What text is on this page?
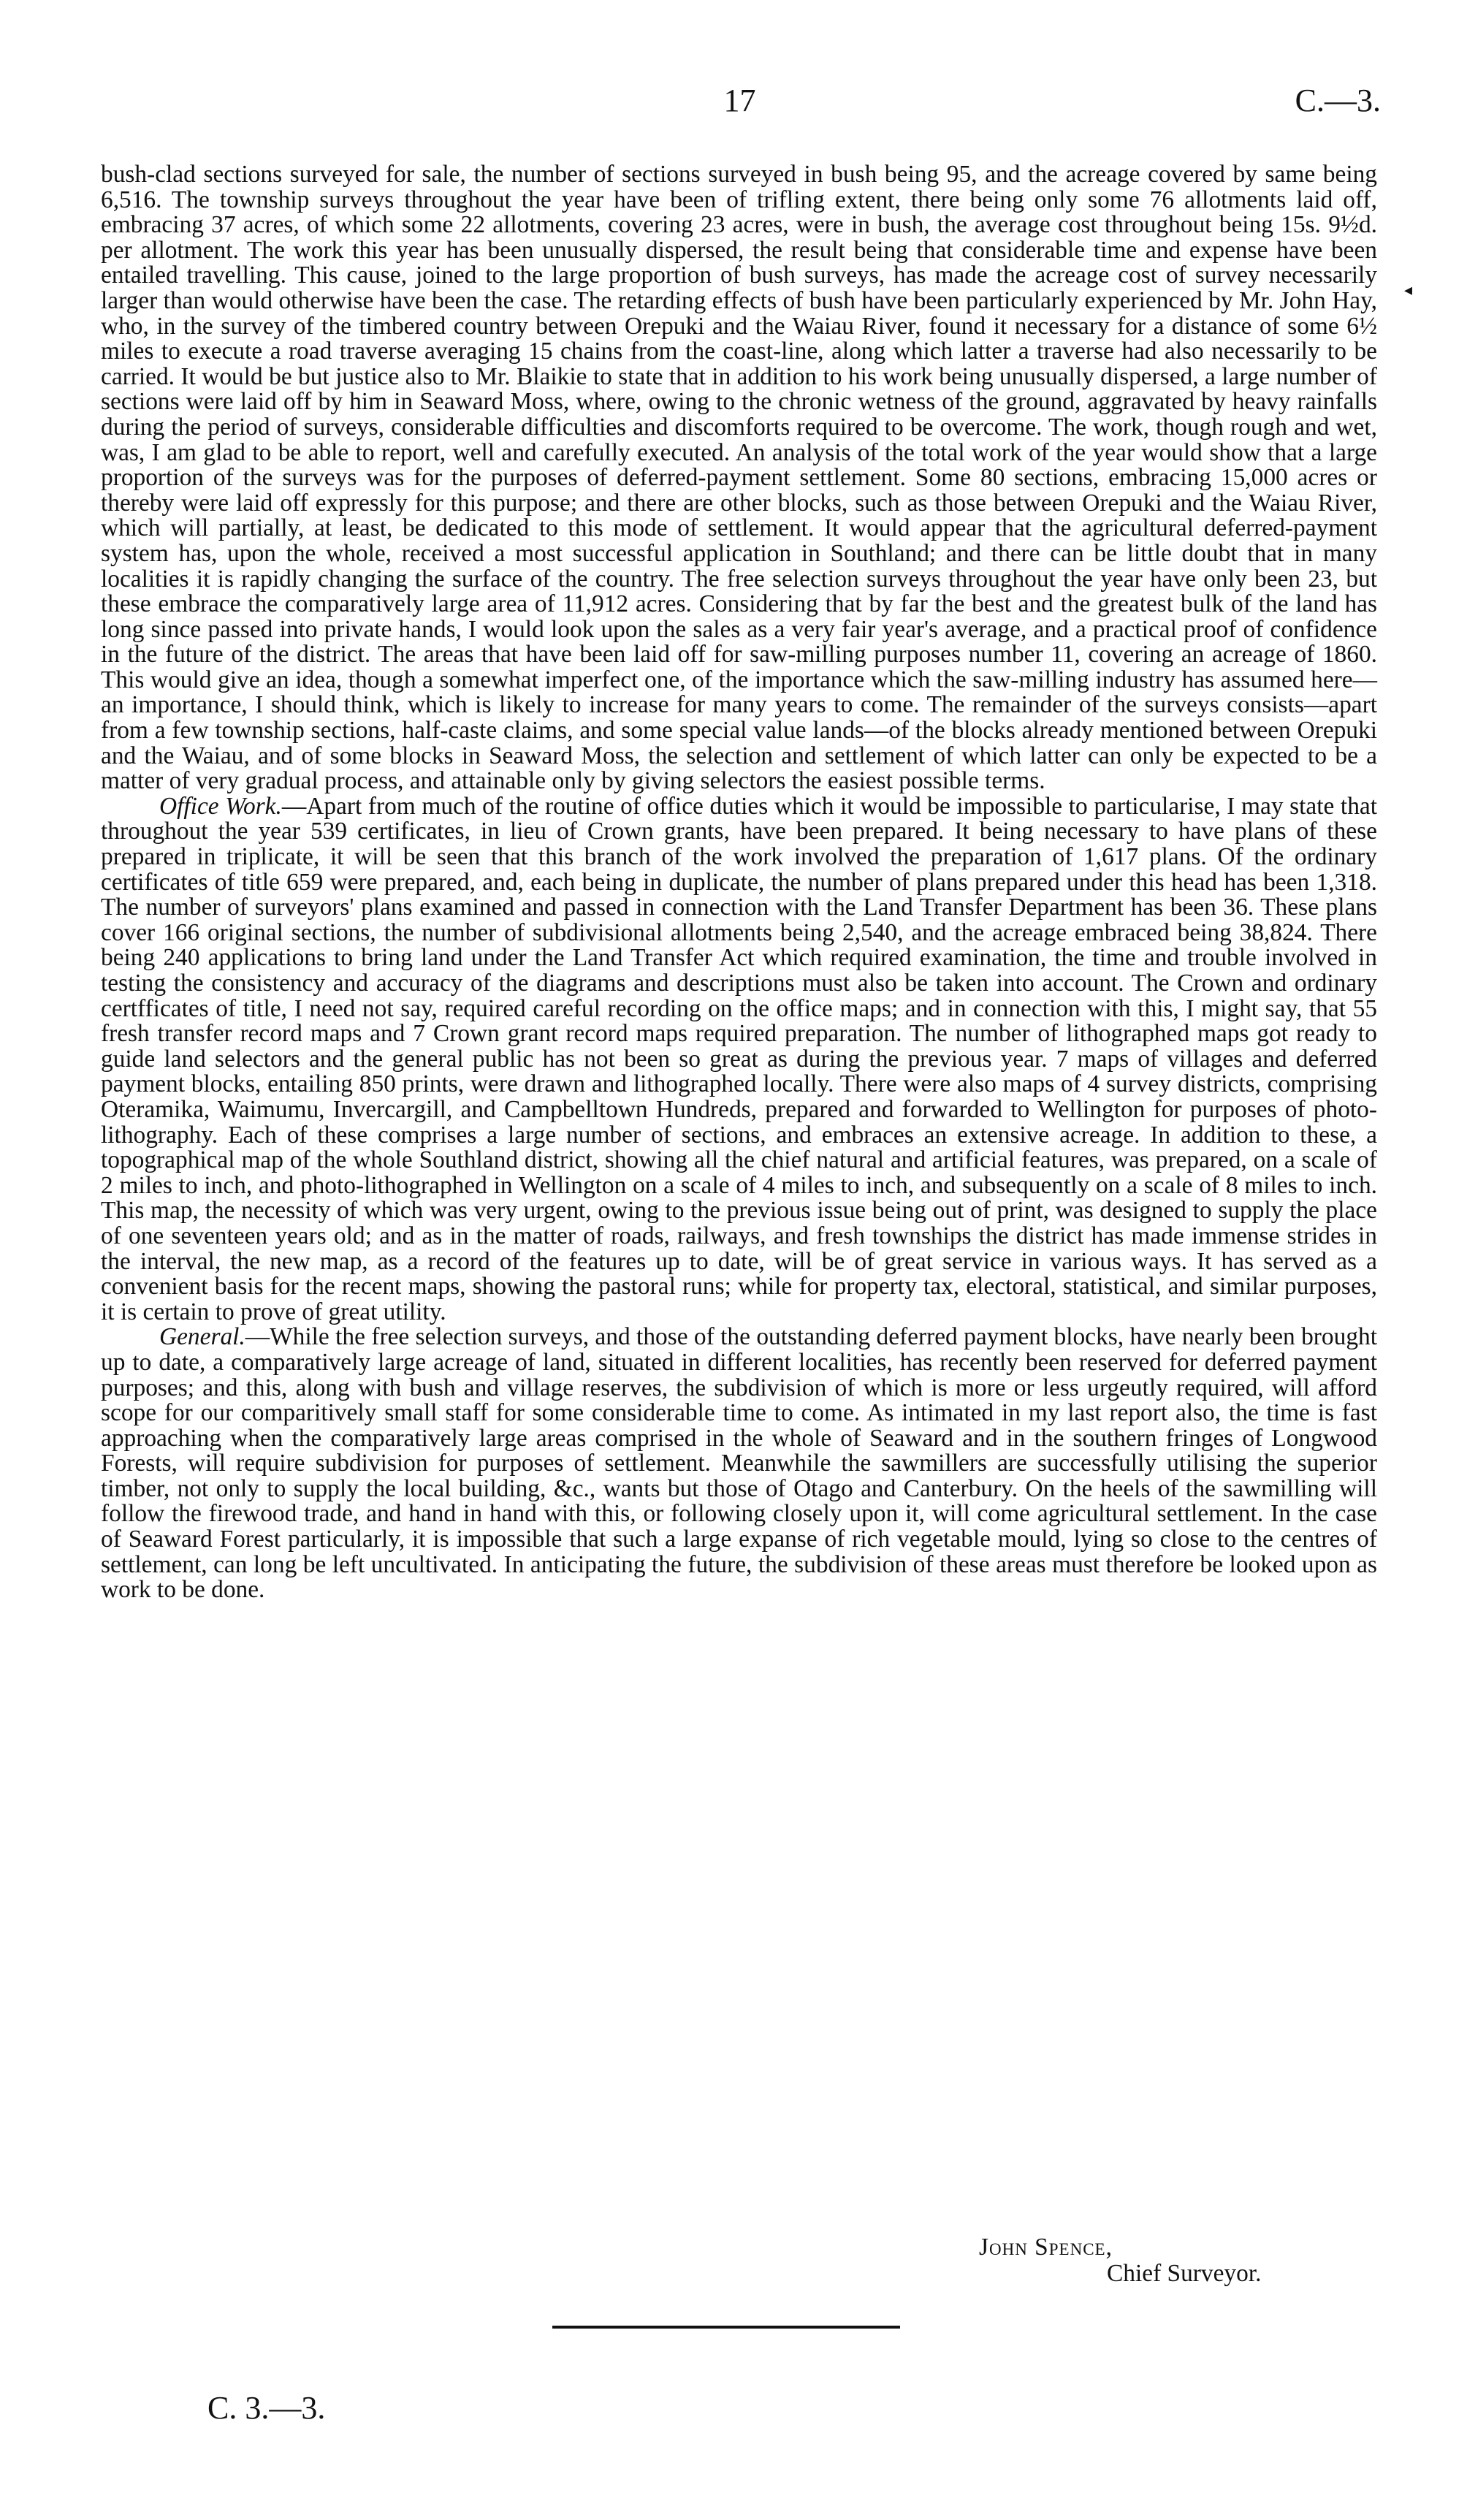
17	C.—3.
◂

bush-clad sections surveyed for sale, the number of sections surveyed in bush being 95, and the acreage covered by same being 6,516. The township surveys throughout the year have been of trifling extent, there being only some 76 allotments laid off, embracing 37 acres, of which some 22 allotments, covering 23 acres, were in bush, the average cost throughout being 15s. 9½d. per allotment. The work this year has been unusually dispersed, the result being that considerable time and expense have been entailed travelling. This cause, joined to the large proportion of bush surveys, has made the acreage cost of survey necessarily larger than would otherwise have been the case. The retarding effects of bush have been particularly experienced by Mr. John Hay, who, in the survey of the timbered country between Orepuki and the Waiau River, found it necessary for a distance of some 6½ miles to execute a road traverse averaging 15 chains from the coast-line, along which latter a traverse had also necessarily to be carried. It would be but justice also to Mr. Blaikie to state that in addition to his work being unusually dispersed, a large number of sections were laid off by him in Seaward Moss, where, owing to the chronic wetness of the ground, aggravated by heavy rainfalls during the period of surveys, considerable difficulties and discomforts required to be overcome. The work, though rough and wet, was, I am glad to be able to report, well and carefully executed. An analysis of the total work of the year would show that a large proportion of the surveys was for the purposes of deferred-payment settlement. Some 80 sections, embracing 15,000 acres or thereby were laid off expressly for this purpose; and there are other blocks, such as those between Orepuki and the Waiau River, which will partially, at least, be dedicated to this mode of settlement. It would appear that the agricultural deferred-payment system has, upon the whole, received a most successful application in Southland; and there can be little doubt that in many localities it is rapidly changing the surface of the country. The free selection surveys throughout the year have only been 23, but these embrace the comparatively large area of 11,912 acres. Considering that by far the best and the greatest bulk of the land has long since passed into private hands, I would look upon the sales as a very fair year's average, and a practical proof of confidence in the future of the district. The areas that have been laid off for saw-milling purposes number 11, covering an acreage of 1860. This would give an idea, though a somewhat imperfect one, of the importance which the saw-milling industry has assumed here— an importance, I should think, which is likely to increase for many years to come. The remainder of the surveys consists—apart from a few township sections, half-caste claims, and some special value lands—of the blocks already mentioned between Orepuki and the Waiau, and of some blocks in Seaward Moss, the selection and settlement of which latter can only be expected to be a matter of very gradual process, and attainable only by giving selectors the easiest possible terms.

Office Work.—Apart from much of the routine of office duties which it would be impossible to particularise, I may state that throughout the year 539 certificates, in lieu of Crown grants, have been prepared. It being necessary to have plans of these prepared in triplicate, it will be seen that this branch of the work involved the preparation of 1,617 plans. Of the ordinary certificates of title 659 were prepared, and, each being in duplicate, the number of plans prepared under this head has been 1,318. The number of surveyors' plans examined and passed in connection with the Land Transfer Department has been 36. These plans cover 166 original sections, the number of subdivisional allotments being 2,540, and the acreage embraced being 38,824. There being 240 applications to bring land under the Land Transfer Act which required examination, the time and trouble involved in testing the consistency and accuracy of the diagrams and descriptions must also be taken into account. The Crown and ordinary certfficates of title, I need not say, required careful recording on the office maps; and in connection with this, I might say, that 55 fresh transfer record maps and 7 Crown grant record maps required preparation. The number of lithographed maps got ready to guide land selectors and the general public has not been so great as during the previous year. 7 maps of villages and deferred payment blocks, entailing 850 prints, were drawn and lithographed locally. There were also maps of 4 survey districts, comprising Oteramika, Waimumu, Invercargill, and Campbelltown Hundreds, prepared and forwarded to Wellington for purposes of photo-lithography. Each of these comprises a large number of sections, and embraces an extensive acreage. In addition to these, a topographical map of the whole Southland district, showing all the chief natural and artificial features, was prepared, on a scale of 2 miles to inch, and photo-lithographed in Wellington on a scale of 4 miles to inch, and subsequently on a scale of 8 miles to inch. This map, the necessity of which was very urgent, owing to the previous issue being out of print, was designed to supply the place of one seventeen years old; and as in the matter of roads, railways, and fresh townships the district has made immense strides in the interval, the new map, as a record of the features up to date, will be of great service in various ways. It has served as a convenient basis for the recent maps, showing the pastoral runs; while for property tax, electoral, statistical, and similar purposes, it is certain to prove of great utility.

General.—While the free selection surveys, and those of the outstanding deferred payment blocks, have nearly been brought up to date, a comparatively large acreage of land, situated in different localities, has recently been reserved for deferred payment purposes; and this, along with bush and village reserves, the subdivision of which is more or less urgeutly required, will afford scope for our comparitively small staff for some considerable time to come. As intimated in my last report also, the time is fast approaching when the comparatively large areas comprised in the whole of Seaward and in the southern fringes of Longwood Forests, will require subdivision for purposes of settlement. Meanwhile the sawmillers are successfully utilising the superior timber, not only to supply the local building, &c., wants but those of Otago and Canterbury. On the heels of the sawmilling will follow the firewood trade, and hand in hand with this, or following closely upon it, will come agricultural settlement. In the case of Seaward Forest particularly, it is impossible that such a large expanse of rich vegetable mould, lying so close to the centres of settlement, can long be left uncultivated. In anticipating the future, the subdivision of these areas must therefore be looked upon as work to be done.

John Spence,
Chief Surveyor.
C. 3.—3.
